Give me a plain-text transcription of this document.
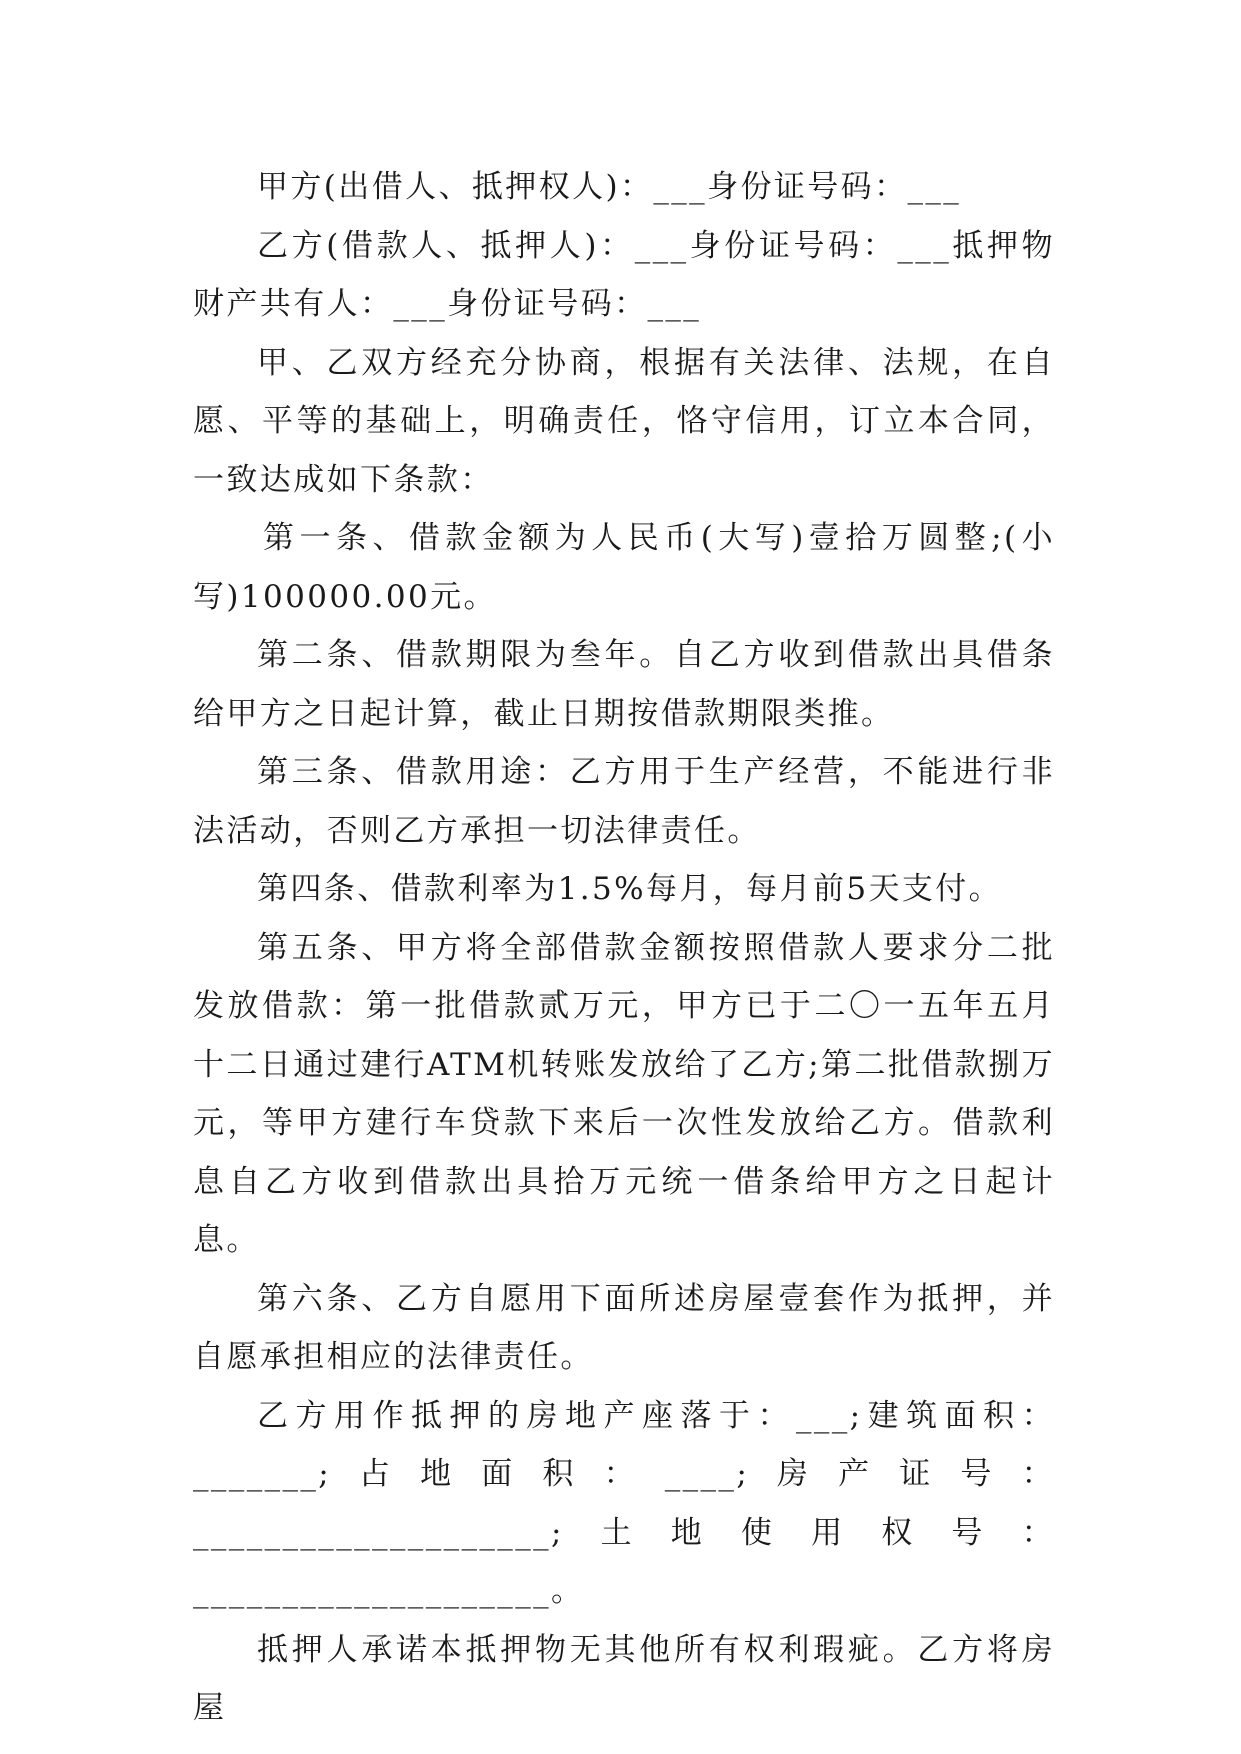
甲方(出借人、抵押权人)：___身份证号码：___

乙方(借款人、抵押人)：___身份证号码：___抵押物财产共有人：___身份证号码：___

甲、乙双方经充分协商，根据有关法律、法规，在自愿、平等的基础上，明确责任，恪守信用，订立本合同，一致达成如下条款：

第一条、借款金额为人民币(大写)壹拾万圆整;(小写)100000.00元。

第二条、借款期限为叁年。自乙方收到借款出具借条给甲方之日起计算，截止日期按借款期限类推。

第三条、借款用途：乙方用于生产经营，不能进行非法活动，否则乙方承担一切法律责任。

第四条、借款利率为1.5%每月，每月前5天支付。

第五条、甲方将全部借款金额按照借款人要求分二批发放借款：第一批借款贰万元，甲方已于二〇一五年五月十二日通过建行ATM机转账发放给了乙方;第二批借款捌万元，等甲方建行车贷款下来后一次性发放给乙方。借款利息自乙方收到借款出具拾万元统一借条给甲方之日起计息。

第六条、乙方自愿用下面所述房屋壹套作为抵押，并自愿承担相应的法律责任。

乙方用作抵押的房地产座落于：___;建筑面积：_______;占地面积：____;房产证号：____________________;土地使用权号：____________________。

抵押人承诺本抵押物无其他所有权利瑕疵。乙方将房屋
